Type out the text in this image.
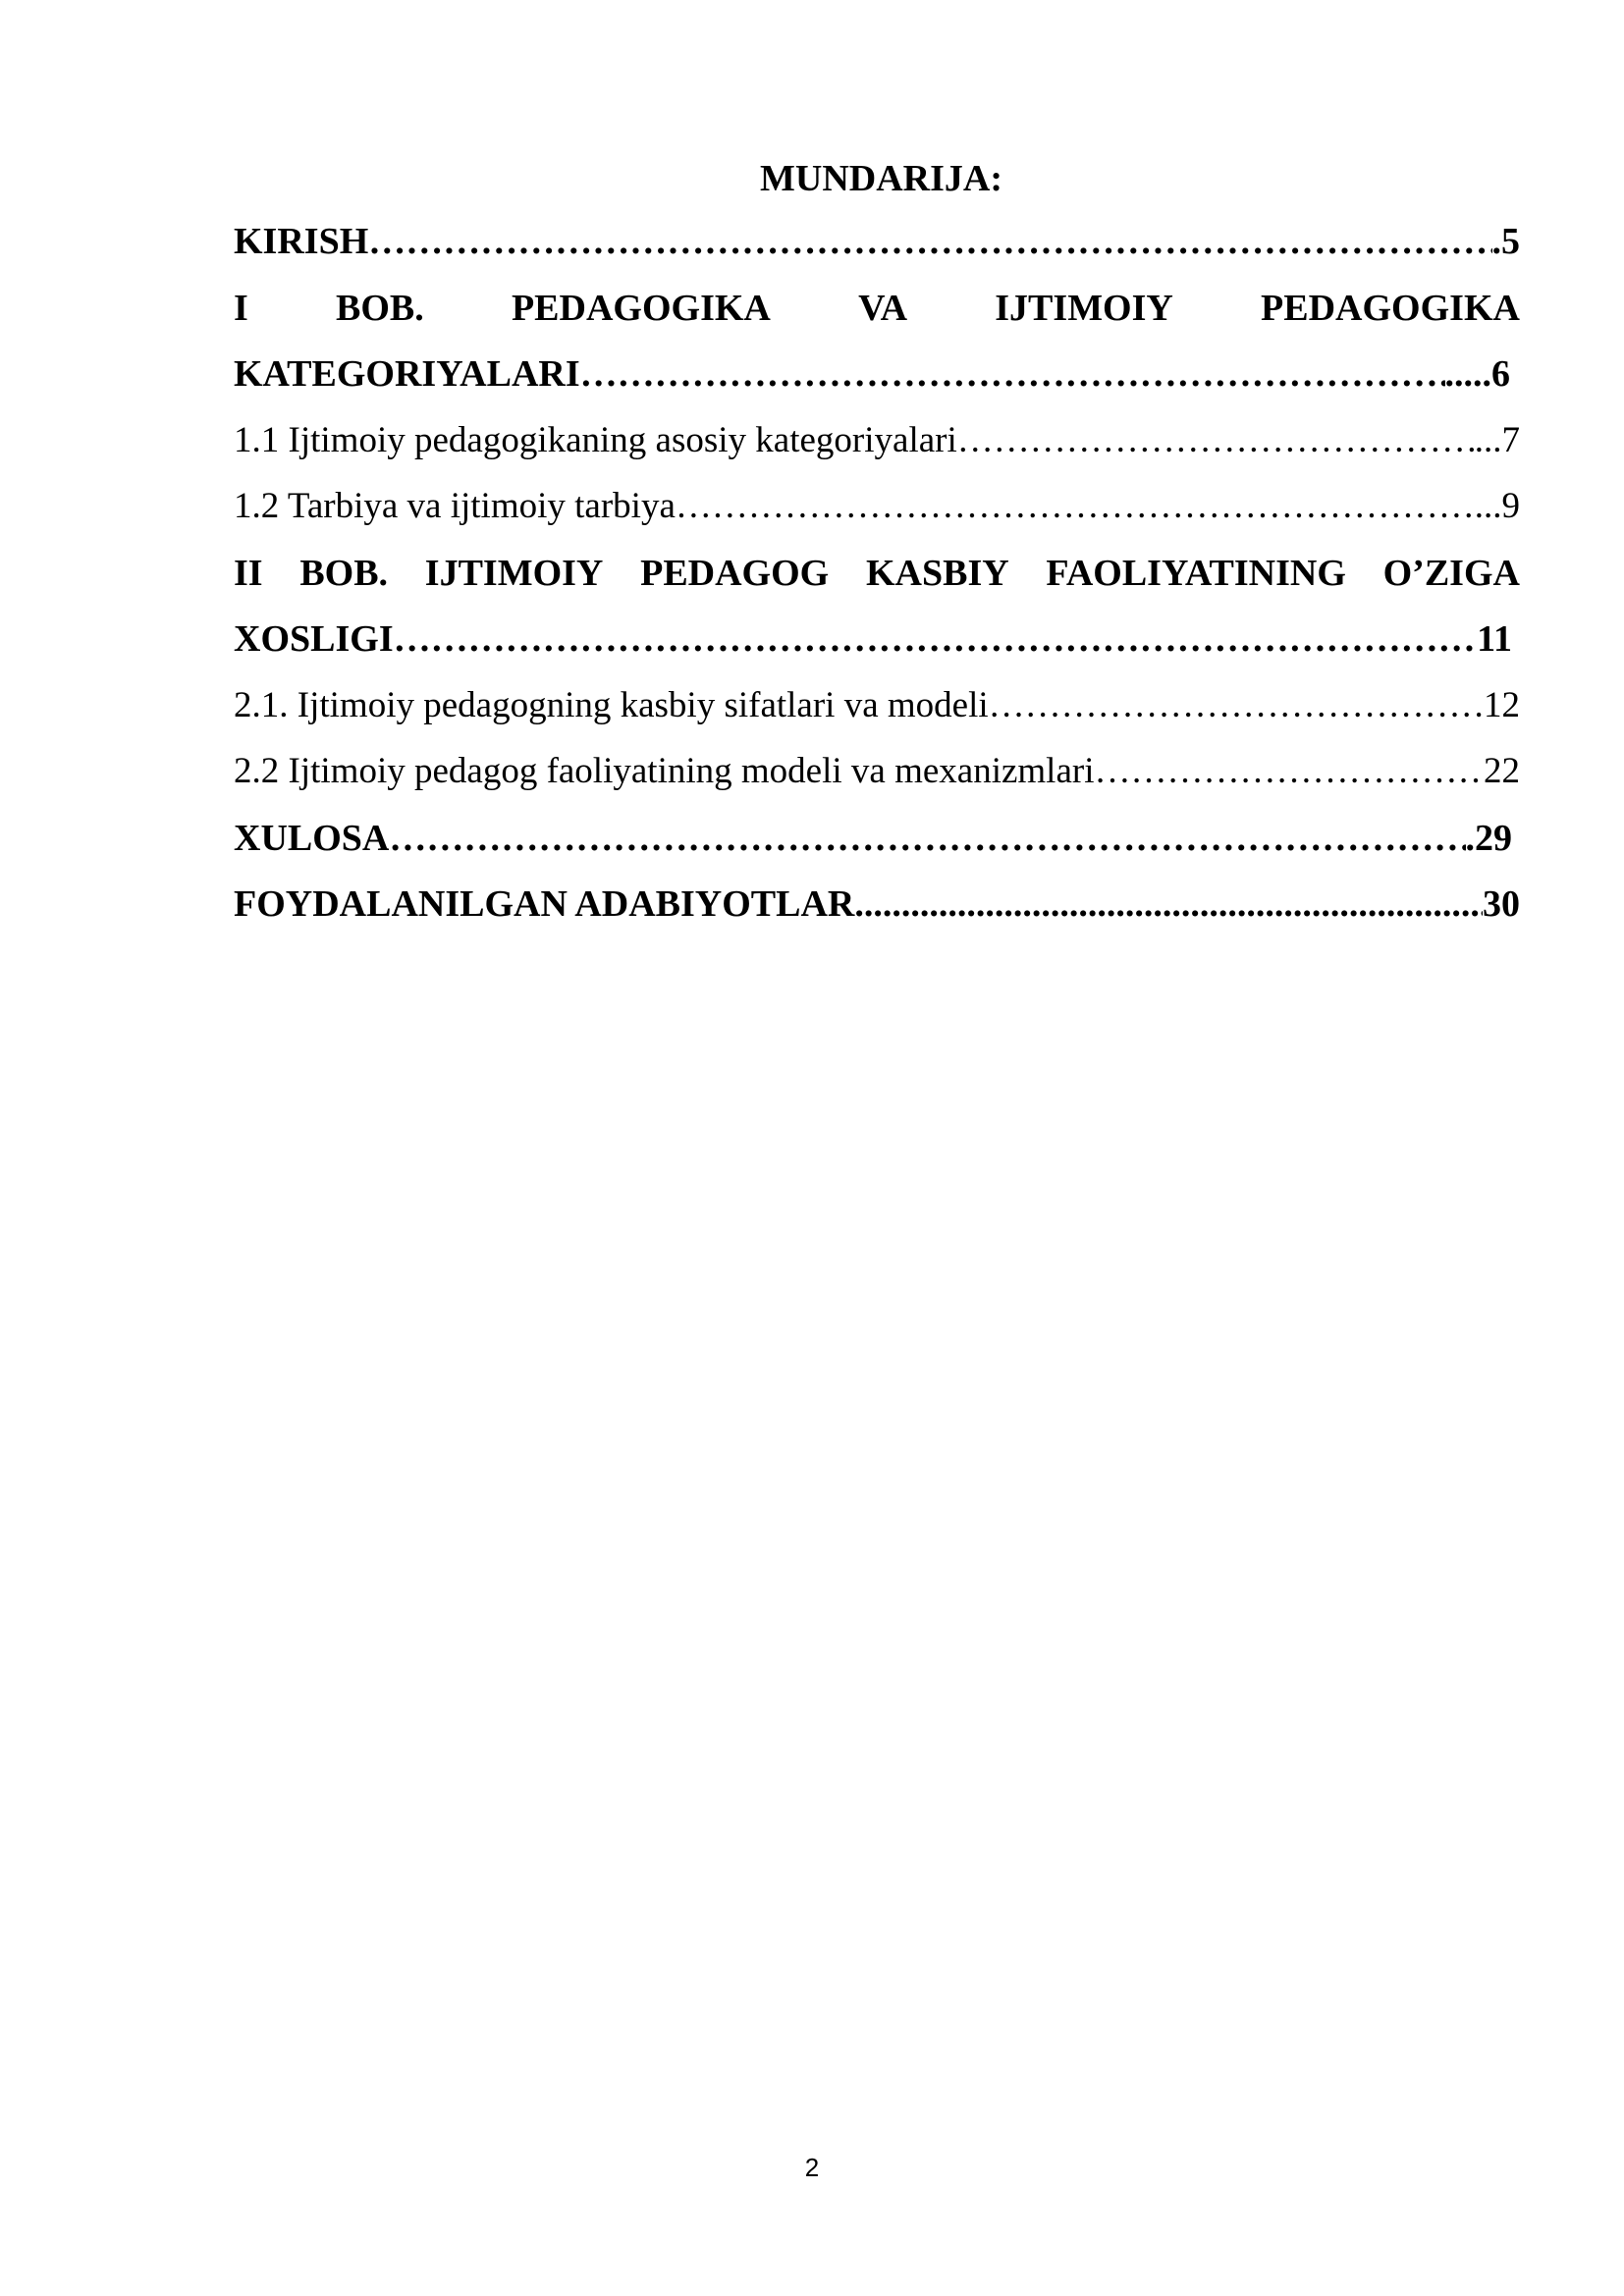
MUNDARIJA:
KIRISH ………………………………………………………………………………………………………………………………………………………………………………………………	.5
I BOB. PEDAGOGIKA VA IJTIMOIY PEDAGOGIKA
KATEGORIYALARI ………………………………………………………………………………………………………………………………………………………………………………………………	.....6
1.1 Ijtimoiy pedagogikaning asosiy kategoriyalari ………………………………………………………………………………………………………………………………………………………………………………………………	...7
1.2 Tarbiya va ijtimoiy tarbiya ………………………………………………………………………………………………………………………………………………………………………………………………	...9
II BOB. IJTIMOIY PEDAGOG KASBIY FAOLIYATINING O’ZIGA
XOSLIGI ………………………………………………………………………………………………………………………………………………………………………………………………	11
2.1. Ijtimoiy pedagogning kasbiy sifatlari va modeli ………………………………………………………………………………………………………………………………………………………………………………………………	12
2.2 Ijtimoiy pedagog faoliyatining modeli va mexanizmlari ………………………………………………………………………………………………………………………………………………………………………………………………	22
XULOSA ………………………………………………………………………………………………………………………………………………………………………………………………	.29
FOYDALANILGAN ADABIYOTLAR .....	30
2
